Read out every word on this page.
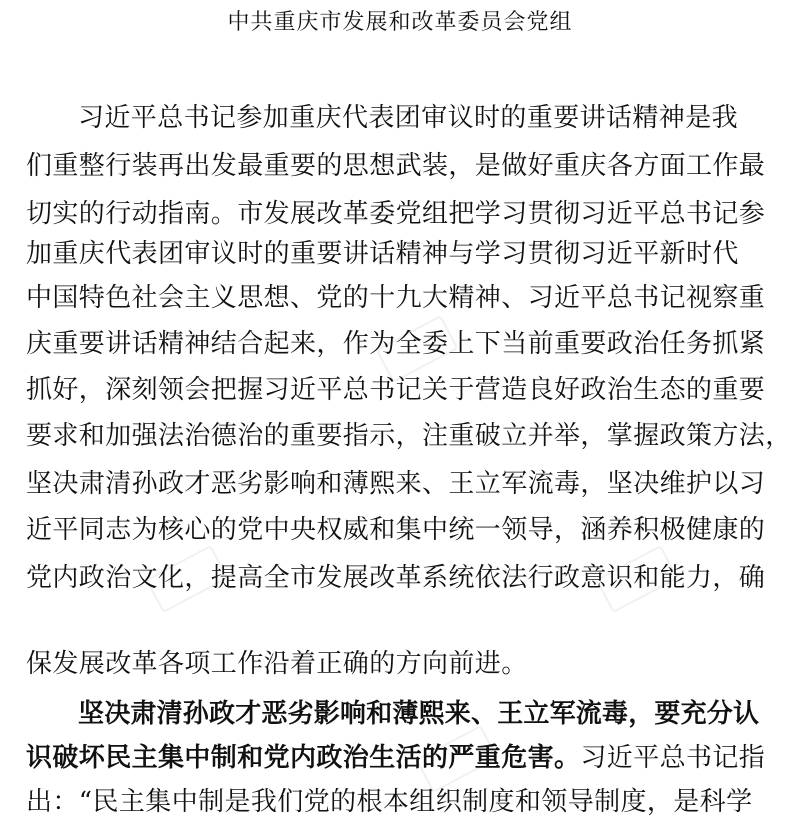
中共重庆市发展和改革委员会党组
习近平总书记参加重庆代表团审议时的重要讲话精神是我
们重整行装再出发最重要的思想武装，是做好重庆各方面工作最
切实的行动指南。市发展改革委党组把学习贯彻习近平总书记参
加重庆代表团审议时的重要讲话精神与学习贯彻习近平新时代
中国特色社会主义思想、党的十九大精神、习近平总书记视察重
庆重要讲话精神结合起来，作为全委上下当前重要政治任务抓紧
抓好，深刻领会把握习近平总书记关于营造良好政治生态的重要
要求和加强法治德治的重要指示，注重破立并举，掌握政策方法，
坚决肃清孙政才恶劣影响和薄熙来、王立军流毒，坚决维护以习
近平同志为核心的党中央权威和集中统一领导，涵养积极健康的
党内政治文化，提高全市发展改革系统依法行政意识和能力，确
保发展改革各项工作沿着正确的方向前进。
坚决肃清孙政才恶劣影响和薄熙来、王立军流毒，要充分认
识破坏民主集中制和党内政治生活的严重危害。习近平总书记指
出：“民主集中制是我们党的根本组织制度和领导制度，是科学
